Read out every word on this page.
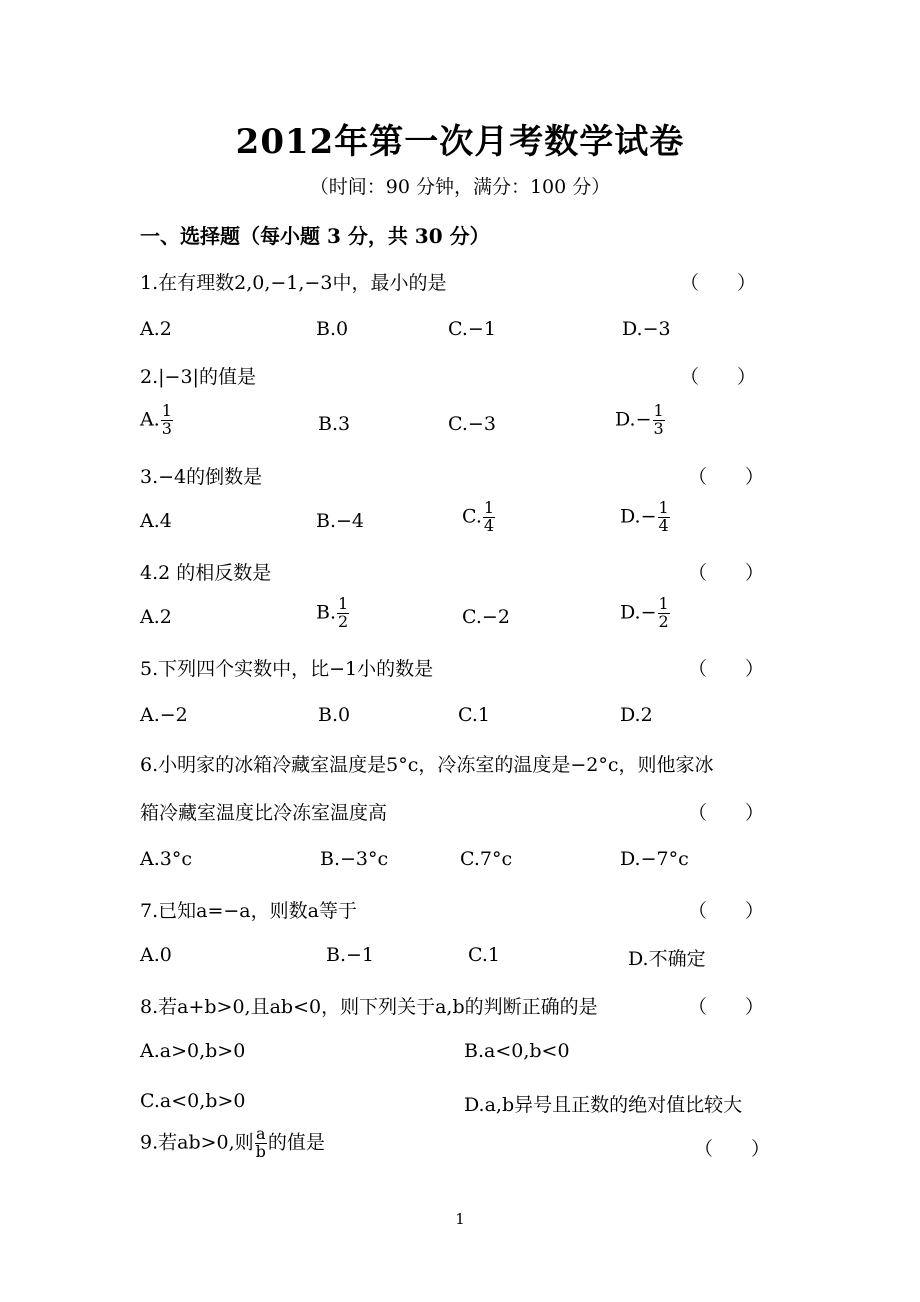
2012年第一次月考数学试卷
（时间：90 分钟，满分：100 分）
一、选择题（每小题 3 分，共 30 分）
1.在有理数2,0,−1,−3中，最小的是	（　　）
A.2	B.0	C.−1	D.−3
2.|−3|的值是	（　　）
A. $\frac{1}{3}$	B.3	C.−3	$D.- \frac{1}{3}$
3.−4的倒数是	（　　）
A.4	B.−4	C. $\frac{1}{4}$	$D.- \frac{1}{4}$
4.2 的相反数是	（　　）
A.2	B. $\frac{1}{2}$	C.−2	$D.- \frac{1}{2}$
5.下列四个实数中，比−1小的数是	（　　）
A.−2	B.0	C.1	D.2
6.小明家的冰箱冷藏室温度是5°c，冷冻室的温度是−2°c，则他家冰
箱冷藏室温度比冷冻室温度高	（　　）
A.3°c	B.−3°c	C.7°c	D.−7°c
7.已知a=−a，则数a等于	（　　）
A.0	B.−1	C.1	D.不确定
8.若a+b>0,且ab<0，则下列关于a,b的判断正确的是	（　　）
A.a>0,b>0	B.a<0,b<0
C.a<0,b>0	D.a,b异号且正数的绝对值比较大
9.若ab>0,则 $\frac{a}{b}$ 的值是	（　　）
1
